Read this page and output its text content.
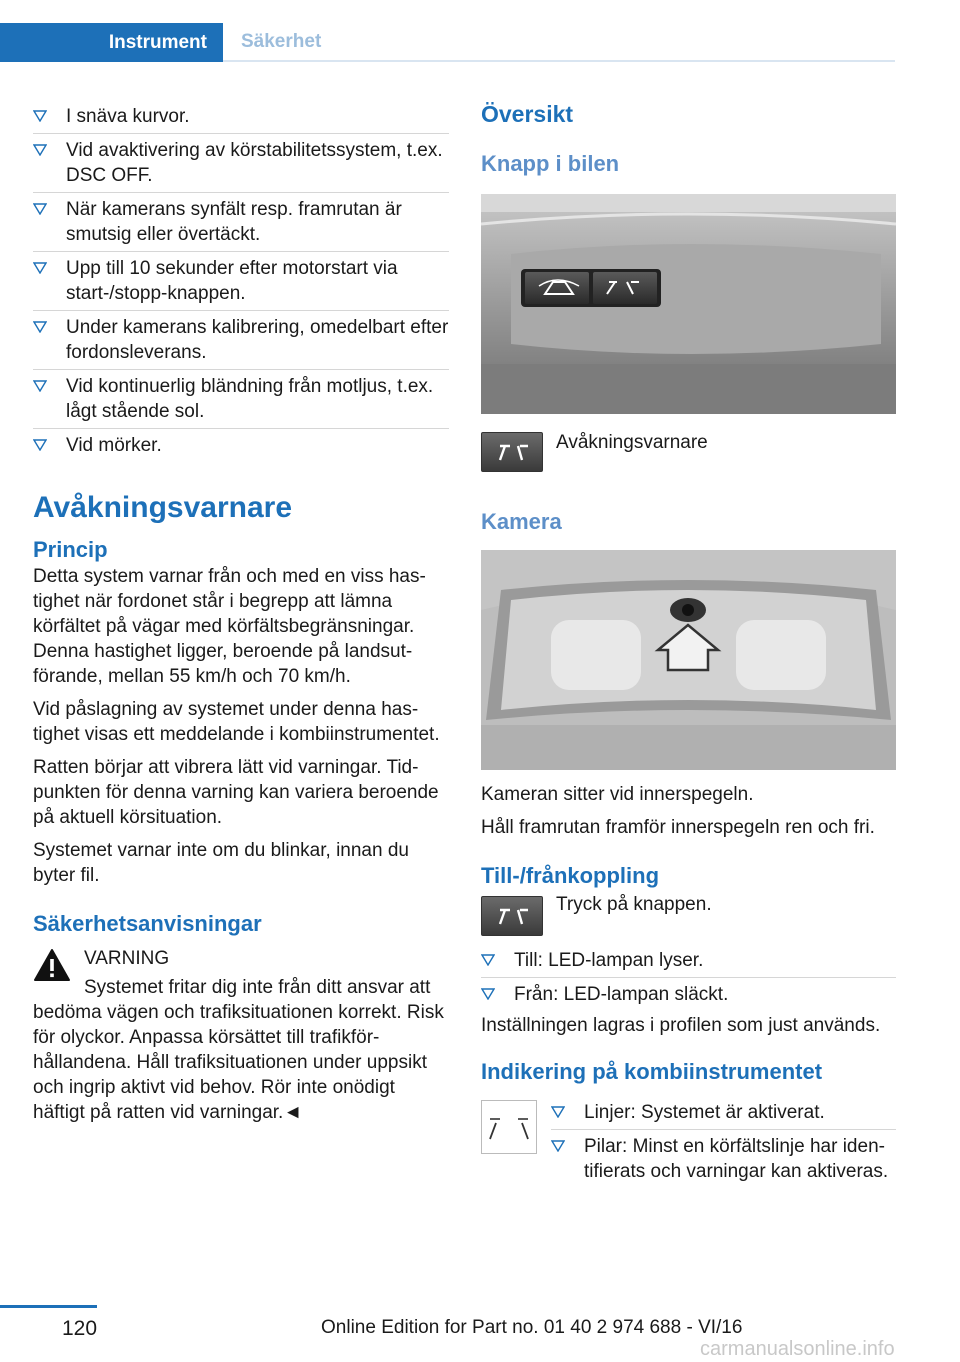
Instrument	Säkerhet
I snäva kurvor.
Vid avaktivering av körstabilitetssystem, t.ex. DSC OFF.
När kamerans synfält resp. framrutan är smutsig eller övertäckt.
Upp till 10 sekunder efter motorstart via start-/stopp-knappen.
Under kamerans kalibrering, omedelbart efter fordonsleverans.
Vid kontinuerlig bländning från motljus, t.ex. lågt stående sol.
Vid mörker.
Avåkningsvarnare
Princip

Detta system varnar från och med en viss hastighet när fordonet står i begrepp att lämna körfältet på vägar med körfältsbegränsningar. Denna hastighet ligger, beroende på landsutförande, mellan 55 km/h och 70 km/h.

Vid påslagning av systemet under denna hastighet visas ett meddelande i kombiinstrumentet.

Ratten börjar att vibrera lätt vid varningar. Tidpunkten för denna varning kan variera beroende på aktuell körsituation.

Systemet varnar inte om du blinkar, innan du byter fil.

Säkerhetsanvisningar

VARNING

Systemet fritar dig inte från ditt ansvar att

bedöma vägen och trafiksituationen korrekt. Risk för olyckor. Anpassa körsättet till trafikförhållandena. Håll trafiksituationen under uppsikt och ingrip aktivt vid behov. Rör inte onödigt häftigt på ratten vid varningar.◄

Översikt
Knapp i bilen

Avåkningsvarnare

Kamera

Kameran sitter vid innerspegeln.

Håll framrutan framför innerspegeln ren och fri.

Till-/frånkoppling

Tryck på knappen.

Till: LED-lampan lyser.
Från: LED-lampan släckt.

Inställningen lagras i profilen som just används.

Indikering på kombiinstrumentet
Linjer: Systemet är aktiverat.
Pilar: Minst en körfältslinje har identifierats och varningar kan aktiveras.
120	Online Edition for Part no. 01 40 2 974 688 - VI/16
carmanualsonline.info
